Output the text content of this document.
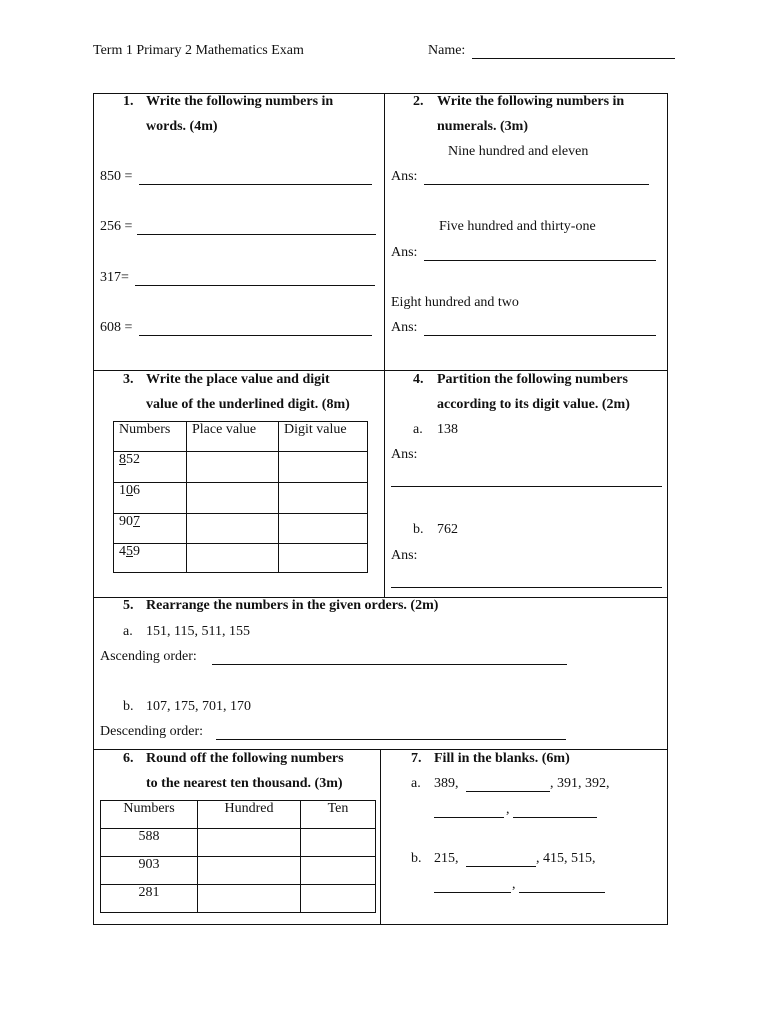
Term 1 Primary 2 Mathematics Exam	Name:
1. Write the following numbers in
words. (4m)
850 =
256 =
317=
608 =
2. Write the following numbers in
numerals. (3m)
Nine hundred and eleven
Ans:
Five hundred and thirty-one
Ans:
Eight hundred and two
Ans:
3. Write the place value and digit
value of the underlined digit. (8m)
Numbers	Place value	Digit value
852		
106		
907		
459		
4. Partition the following numbers
according to its digit value. (2m)
a. 138
Ans:
b. 762
Ans:
5. Rearrange the numbers in the given orders. (2m)
a. 151, 115, 511, 155
Ascending order:
b. 107, 175, 701, 170
Descending order:
6. Round off the following numbers
to the nearest ten thousand. (3m)
Numbers	Hundred	Ten
588		
903		
281		
7. Fill in the blanks. (6m)
a. 389,	, 391, 392,
,
b. 215,	, 415, 515,
,
